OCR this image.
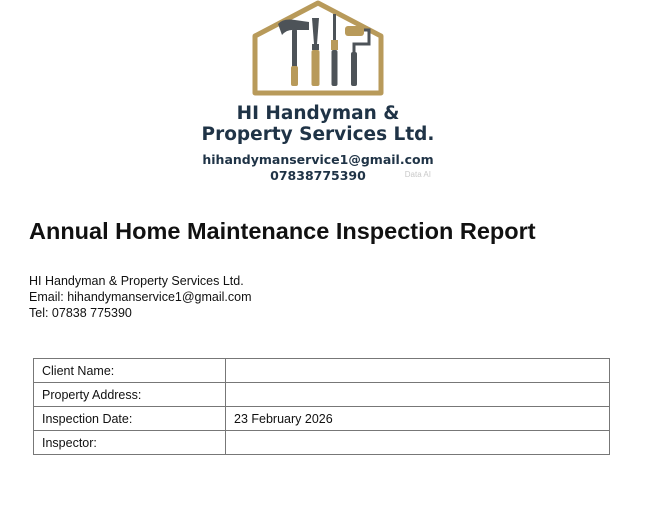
HI Handyman &
Property Services Ltd.
hihandymanservice1@gmail.com
07838775390	Data AI
Annual Home Maintenance Inspection Report
HI Handyman & Property Services Ltd.
Email: hihandymanservice1@gmail.com
Tel: 07838 775390
Client Name:	
Property Address:	
Inspection Date:	23 February 2026
Inspector:	
